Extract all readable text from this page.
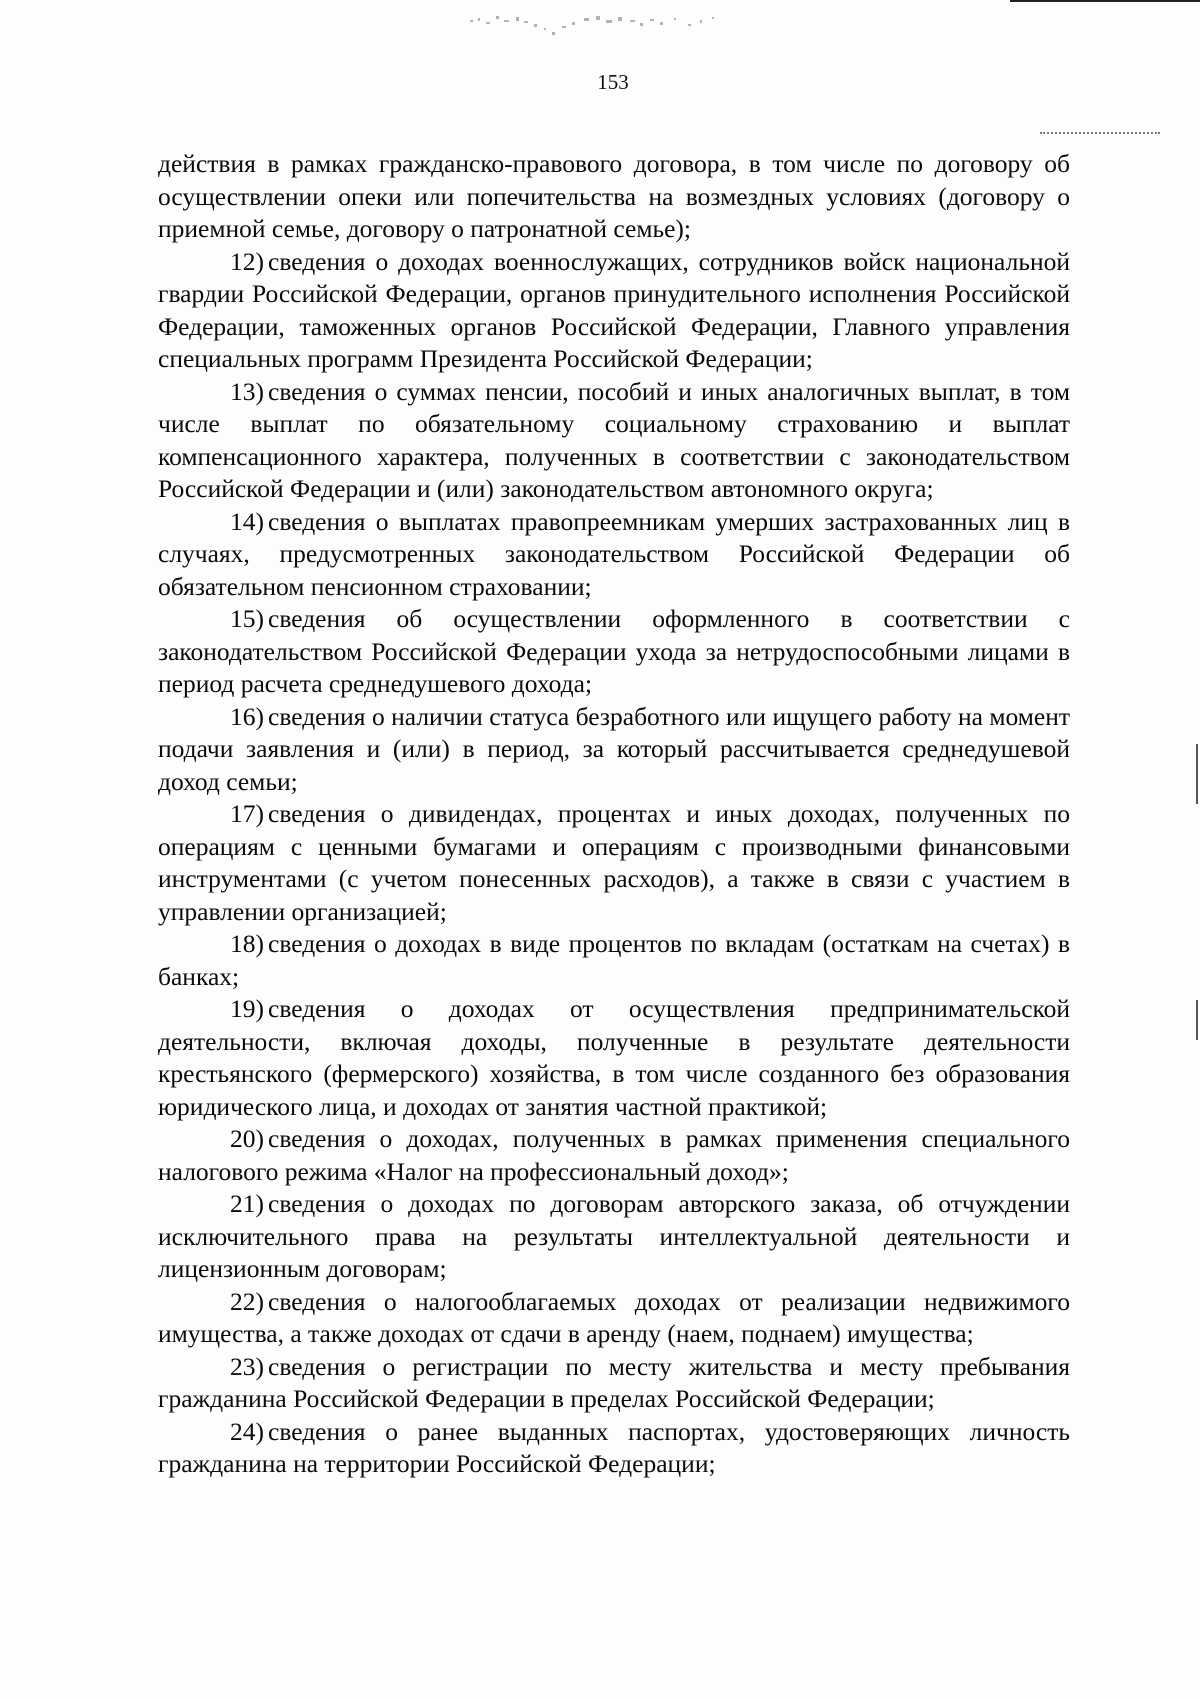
153

действия в рамках гражданско-правового договора, в том числе по договору об осуществлении опеки или попечительства на возмездных условиях (договору о приемной семье, договору о патронатной семье);

12) сведения о доходах военнослужащих, сотрудников войск национальной гвардии Российской Федерации, органов принудительного исполнения Российской Федерации, таможенных органов Российской Федерации, Главного управления специальных программ Президента Российской Федерации;

13) сведения о суммах пенсии, пособий и иных аналогичных выплат, в том числе выплат по обязательному социальному страхованию и выплат компенсационного характера, полученных в соответствии с законодательством Российской Федерации и (или) законодательством автономного округа;

14) сведения о выплатах правопреемникам умерших застрахованных лиц в случаях, предусмотренных законодательством Российской Федерации об обязательном пенсионном страховании;

15) сведения об осуществлении оформленного в соответствии с законодательством Российской Федерации ухода за нетрудоспособными лицами в период расчета среднедушевого дохода;

16) сведения о наличии статуса безработного или ищущего работу на момент подачи заявления и (или) в период, за который рассчитывается среднедушевой доход семьи;

17) сведения о дивидендах, процентах и иных доходах, полученных по операциям с ценными бумагами и операциям с производными финансовыми инструментами (с учетом понесенных расходов), а также в связи с участием в управлении организацией;

18) сведения о доходах в виде процентов по вкладам (остаткам на счетах) в банках;

19) сведения о доходах от осуществления предпринимательской деятельности, включая доходы, полученные в результате деятельности крестьянского (фермерского) хозяйства, в том числе созданного без образования юридического лица, и доходах от занятия частной практикой;

20) сведения о доходах, полученных в рамках применения специального налогового режима «Налог на профессиональный доход»;

21) сведения о доходах по договорам авторского заказа, об отчуждении исключительного права на результаты интеллектуальной деятельности и лицензионным договорам;

22) сведения о налогооблагаемых доходах от реализации недвижимого имущества, а также доходах от сдачи в аренду (наем, поднаем) имущества;

23) сведения о регистрации по месту жительства и месту пребывания гражданина Российской Федерации в пределах Российской Федерации;

24) сведения о ранее выданных паспортах, удостоверяющих личность гражданина на территории Российской Федерации;
